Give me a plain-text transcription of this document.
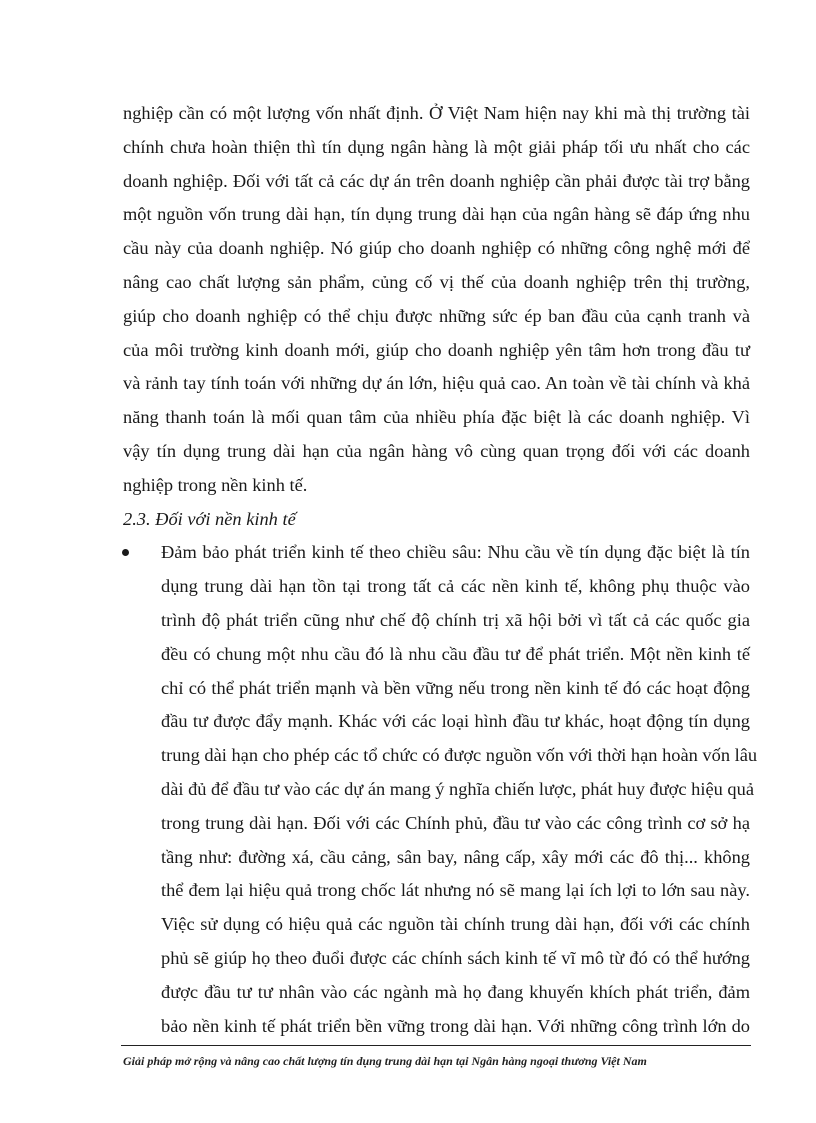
nghiệp cần có một lượng vốn nhất định. Ở Việt Nam hiện nay khi mà thị trường tài
chính chưa hoàn thiện thì tín dụng ngân hàng là một giải pháp tối ưu nhất cho các
doanh nghiệp. Đối với tất cả các dự án trên doanh nghiệp cần phải được tài trợ bằng
một nguồn vốn trung dài hạn, tín dụng trung dài hạn của ngân hàng sẽ đáp ứng nhu
cầu này của doanh nghiệp. Nó giúp cho doanh nghiệp có những công nghệ mới để
nâng cao chất lượng sản phẩm, củng cố vị thế của doanh nghiệp trên thị trường,
giúp cho doanh nghiệp có thể chịu được những sức ép ban đầu của cạnh tranh và
của môi trường kinh doanh mới, giúp cho doanh nghiệp yên tâm hơn trong đầu tư
và rảnh tay tính toán với những dự án lớn, hiệu quả cao. An toàn về tài chính và khả
năng thanh toán là mối quan tâm của nhiều phía đặc biệt là các doanh nghiệp. Vì
vậy tín dụng trung dài hạn của ngân hàng vô cùng quan trọng đối với các doanh
nghiệp trong nền kinh tế.
2.3. Đối với nền kinh tế
Đảm bảo phát triển kinh tế theo chiều sâu: Nhu cầu về tín dụng đặc biệt là tín
dụng trung dài hạn tồn tại trong tất cả các nền kinh tế, không phụ thuộc vào
trình độ phát triển cũng như chế độ chính trị xã hội bởi vì tất cả các quốc gia
đều có chung một nhu cầu đó là nhu cầu đầu tư để phát triển. Một nền kinh tế
chỉ có thể phát triển mạnh và bền vững nếu trong nền kinh tế đó các hoạt động
đầu tư được đẩy mạnh. Khác với các loại hình đầu tư khác, hoạt động tín dụng
trung dài hạn cho phép các tổ chức có được nguồn vốn với thời hạn hoàn vốn lâu
dài đủ để đầu tư vào các dự án mang ý nghĩa chiến lược, phát huy được hiệu quả
trong trung dài hạn. Đối với các Chính phủ, đầu tư vào các công trình cơ sở hạ
tầng như: đường xá, cầu cảng, sân bay, nâng cấp, xây mới các đô thị... không
thể đem lại hiệu quả trong chốc lát nhưng nó sẽ mang lại ích lợi to lớn sau này.
Việc sử dụng có hiệu quả các nguồn tài chính trung dài hạn, đối với các chính
phủ sẽ giúp họ theo đuổi được các chính sách kinh tế vĩ mô từ đó có thể hướng
được đầu tư tư nhân vào các ngành mà họ đang khuyến khích phát triển, đảm
bảo nền kinh tế phát triển bền vững trong dài hạn. Với những công trình lớn do
Giải pháp mở rộng và nâng cao chất lượng tín dụng trung dài hạn tại Ngân hàng ngoại thương Việt Nam
